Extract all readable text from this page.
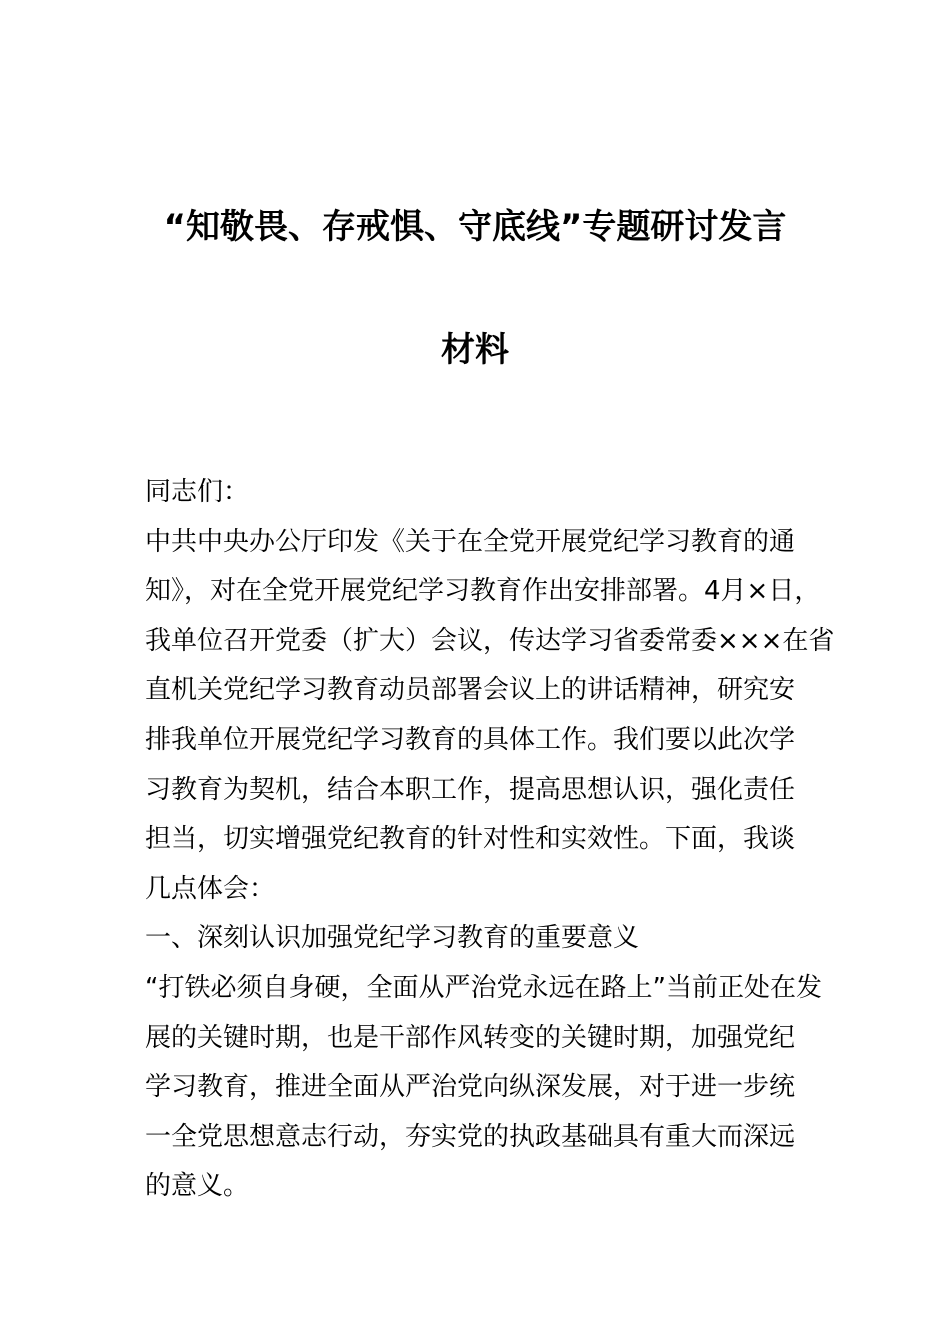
“知敬畏、存戒惧、守底线”专题研讨发言
材料
同志们：
中共中央办公厅印发《关于在全党开展党纪学习教育的通
知》，对在全党开展党纪学习教育作出安排部署。4月×日，
我单位召开党委（扩大）会议，传达学习省委常委×××在省
直机关党纪学习教育动员部署会议上的讲话精神，研究安
排我单位开展党纪学习教育的具体工作。我们要以此次学
习教育为契机，结合本职工作，提高思想认识，强化责任
担当，切实增强党纪教育的针对性和实效性。下面，我谈
几点体会：
一、深刻认识加强党纪学习教育的重要意义
“打铁必须自身硬，全面从严治党永远在路上”当前正处在发
展的关键时期，也是干部作风转变的关键时期，加强党纪
学习教育，推进全面从严治党向纵深发展，对于进一步统
一全党思想意志行动，夯实党的执政基础具有重大而深远
的意义。
